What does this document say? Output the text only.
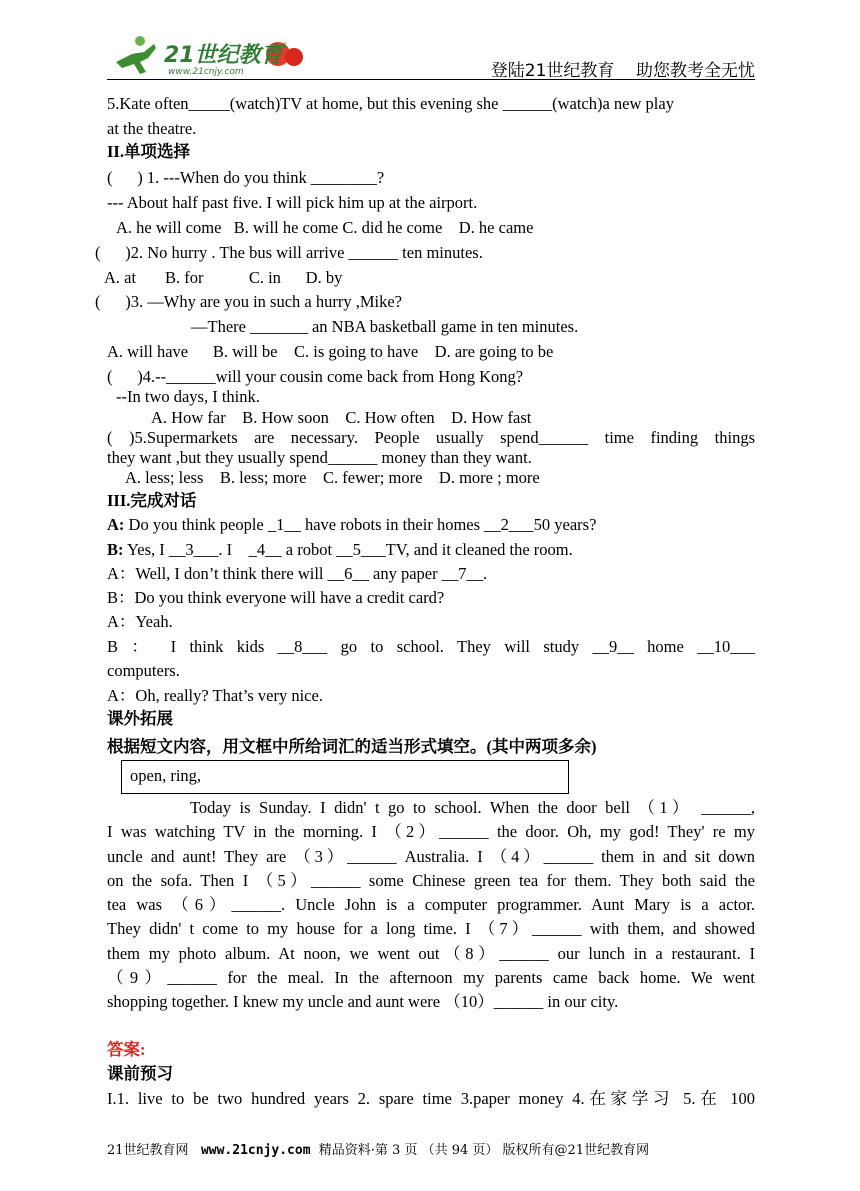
21世纪教育
www.21cnjy.com	登陆21世纪教育    助您教考全无忧
5.Kate often_____(watch)TV at home, but this evening she ______(watch)a new play
at the theatre.
II.单项选择
(      ) 1. ---When do you think ________?
--- About half past five. I will pick him up at the airport.
A. he will come   B. will he come C. did he come    D. he came
(      )2. No hurry . The bus will arrive ______ ten minutes.
A. at       B. for           C. in      D. by
(      )3. —Why are you in such a hurry ,Mike?
—There _______ an NBA basketball game in ten minutes.
A. will have      B. will be    C. is going to have    D. are going to be
(      )4.--______will your cousin come back from Hong Kong?
--In two days, I think.
A. How far    B. How soon    C. How often    D. How fast
they want ,but they usually spend______ money than they want.
A. less; less    B. less; more    C. fewer; more    D. more ; more
III.完成对话
A: Do you think people _1__ have robots in their homes __2___50 years?
B: Yes, I __3___. I    _4__ a robot __5___TV, and it cleaned the room.
A：Well, I don’t think there will __6__ any paper __7__.
B：Do you think everyone will have a credit card?
A：Yeah.
computers.
A：Oh, really? That’s very nice.
课外拓展
根据短文内容，用文框中所给词汇的适当形式填空。(其中两项多余)
答案:
课前预习
( )5.Supermarkets are necessary. People usually spend______ time finding things
B ： I think kids __8___ go to school. They will study __9__ home __10___
I was watching TV in the morning. I （2）______ the door. Oh, my god! They' re my
uncle and aunt! They are （3）______ Australia. I （4）______ them in and sit down
on the sofa. Then I （5）______ some Chinese green tea for them. They both said the
tea was （6）______. Uncle John is a computer programmer. Aunt Mary is a actor.
They didn' t come to my house for a long time. I （7）______ with them, and showed
them my photo album. At noon, we went out（8）______ our lunch in a restaurant. I
（9）______ for the meal. In the afternoon my parents came back home. We went
I.1. live to be two hundred years 2. spare time 3.paper money 4.在家学习 5.在 100
Today is Sunday. I didn' t go to school. When the door bell （1） ______,
shopping together. I knew my uncle and aunt were （10）______ in our city.
open, ring,
21世纪教育网   www.21cnjy.com  精品资料·第 3 页 （共 94 页） 版权所有@21世纪教育网
